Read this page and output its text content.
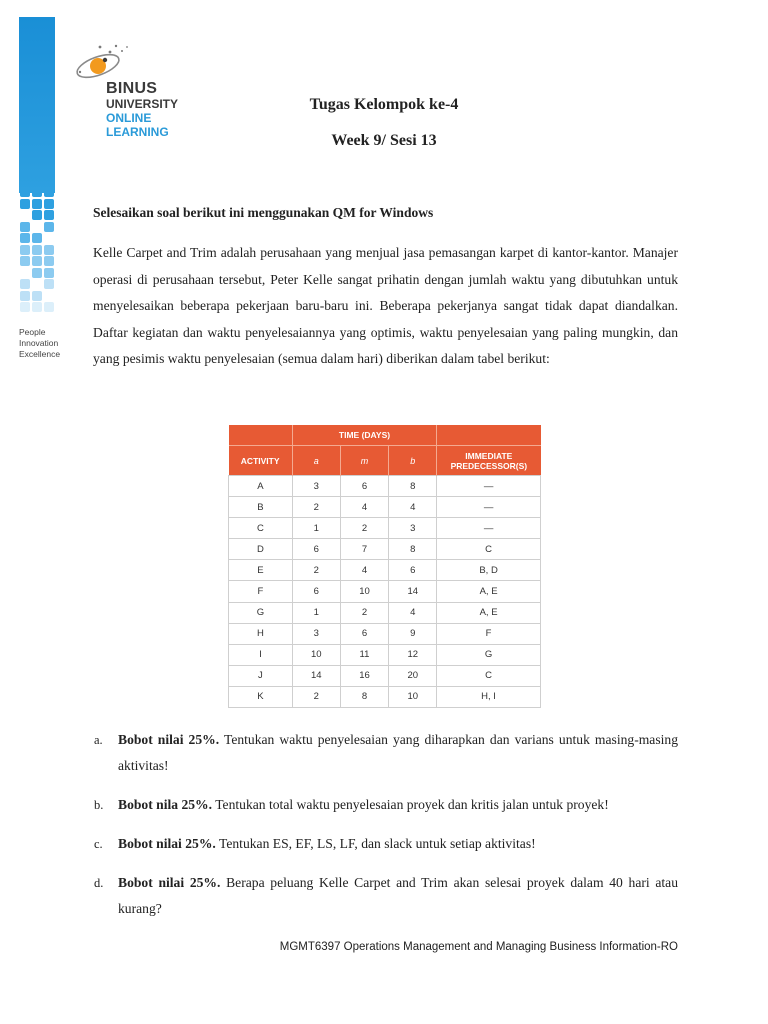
People
Innovation
Excellence
BINUS
UNIVERSITY
ONLINE
LEARNING
Tugas Kelompok ke-4
Week 9/ Sesi 13
Selesaikan soal berikut ini menggunakan QM for Windows
Kelle Carpet and Trim adalah perusahaan yang menjual jasa pemasangan karpet di kantor-kantor. Manajer operasi di perusahaan tersebut, Peter Kelle sangat prihatin dengan jumlah waktu yang dibutuhkan untuk menyelesaikan beberapa pekerjaan baru-baru ini. Beberapa pekerjanya sangat tidak dapat diandalkan. Daftar kegiatan dan waktu penyelesaiannya yang optimis, waktu penyelesaian yang paling mungkin, dan yang pesimis waktu penyelesaian (semua dalam hari) diberikan dalam tabel berikut:
	TIME (DAYS)			
ACTIVITY	a	m	b	IMMEDIATE PREDECESSOR(S)
A	3	6	8	—
B	2	4	4	—
C	1	2	3	—
D	6	7	8	C
E	2	4	6	B, D
F	6	10	14	A, E
G	1	2	4	A, E
H	3	6	9	F
I	10	11	12	G
J	14	16	20	C
K	2	8	10	H, I
a. Bobot nilai 25%. Tentukan waktu penyelesaian yang diharapkan dan varians untuk masing-masing aktivitas!
b. Bobot nila 25%. Tentukan total waktu penyelesaian proyek dan kritis jalan untuk proyek!
c. Bobot nilai 25%. Tentukan ES, EF, LS, LF, dan slack untuk setiap aktivitas!
d. Bobot nilai 25%. Berapa peluang Kelle Carpet and Trim akan selesai proyek dalam 40 hari atau kurang?
MGMT6397 Operations Management and Managing Business Information-RO
